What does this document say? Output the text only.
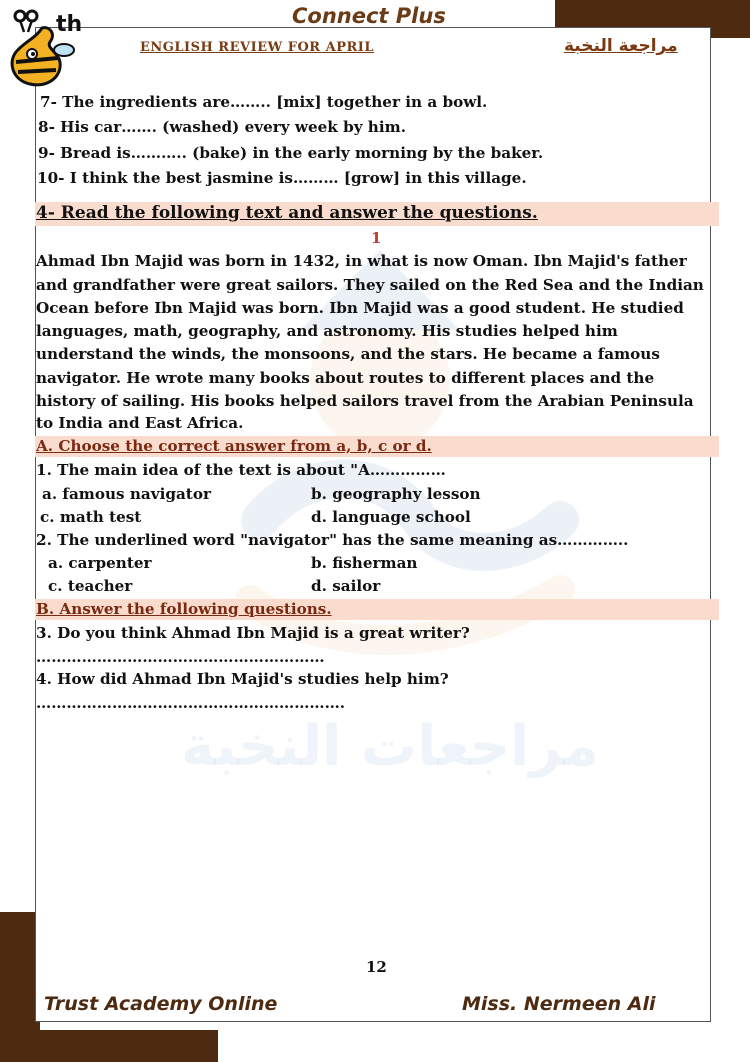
th	Connect Plus
ENGLISH REVIEW FOR APRIL	مراجعة النخبة
7- The ingredients are…….. [mix] together in a bowl.
8- His car……. (washed) every week by him.
9- Bread is……….. (bake) in the early morning by the baker.
10- I think the best jasmine is……… [grow] in this village.
4- Read the following text and answer the questions.
1
Ahmad Ibn Majid was born in 1432, in what is now Oman. Ibn Majid's father
and grandfather were great sailors. They sailed on the Red Sea and the Indian
Ocean before Ibn Majid was born. Ibn Majid was a good student. He studied
languages, math, geography, and astronomy. His studies helped him
understand the winds, the monsoons, and the stars. He became a famous
navigator. He wrote many books about routes to different places and the
history of sailing. His books helped sailors travel from the Arabian Peninsula
to India and East Africa.
A. Choose the correct answer from a, b, c or d.
1. The main idea of the text is about "A……………
a. famous navigator	b. geography lesson
c. math test	d. language school
2. The underlined word "navigator" has the same meaning as…………..
a. carpenter	b. fisherman
c. teacher	d. sailor
B. Answer the following questions.
3. Do you think Ahmad Ibn Majid is a great writer?
…………………………………………………
4. How did Ahmad Ibn Majid's studies help him?
…………………………………………………….
12
Trust Academy Online	Miss. Nermeen Ali
